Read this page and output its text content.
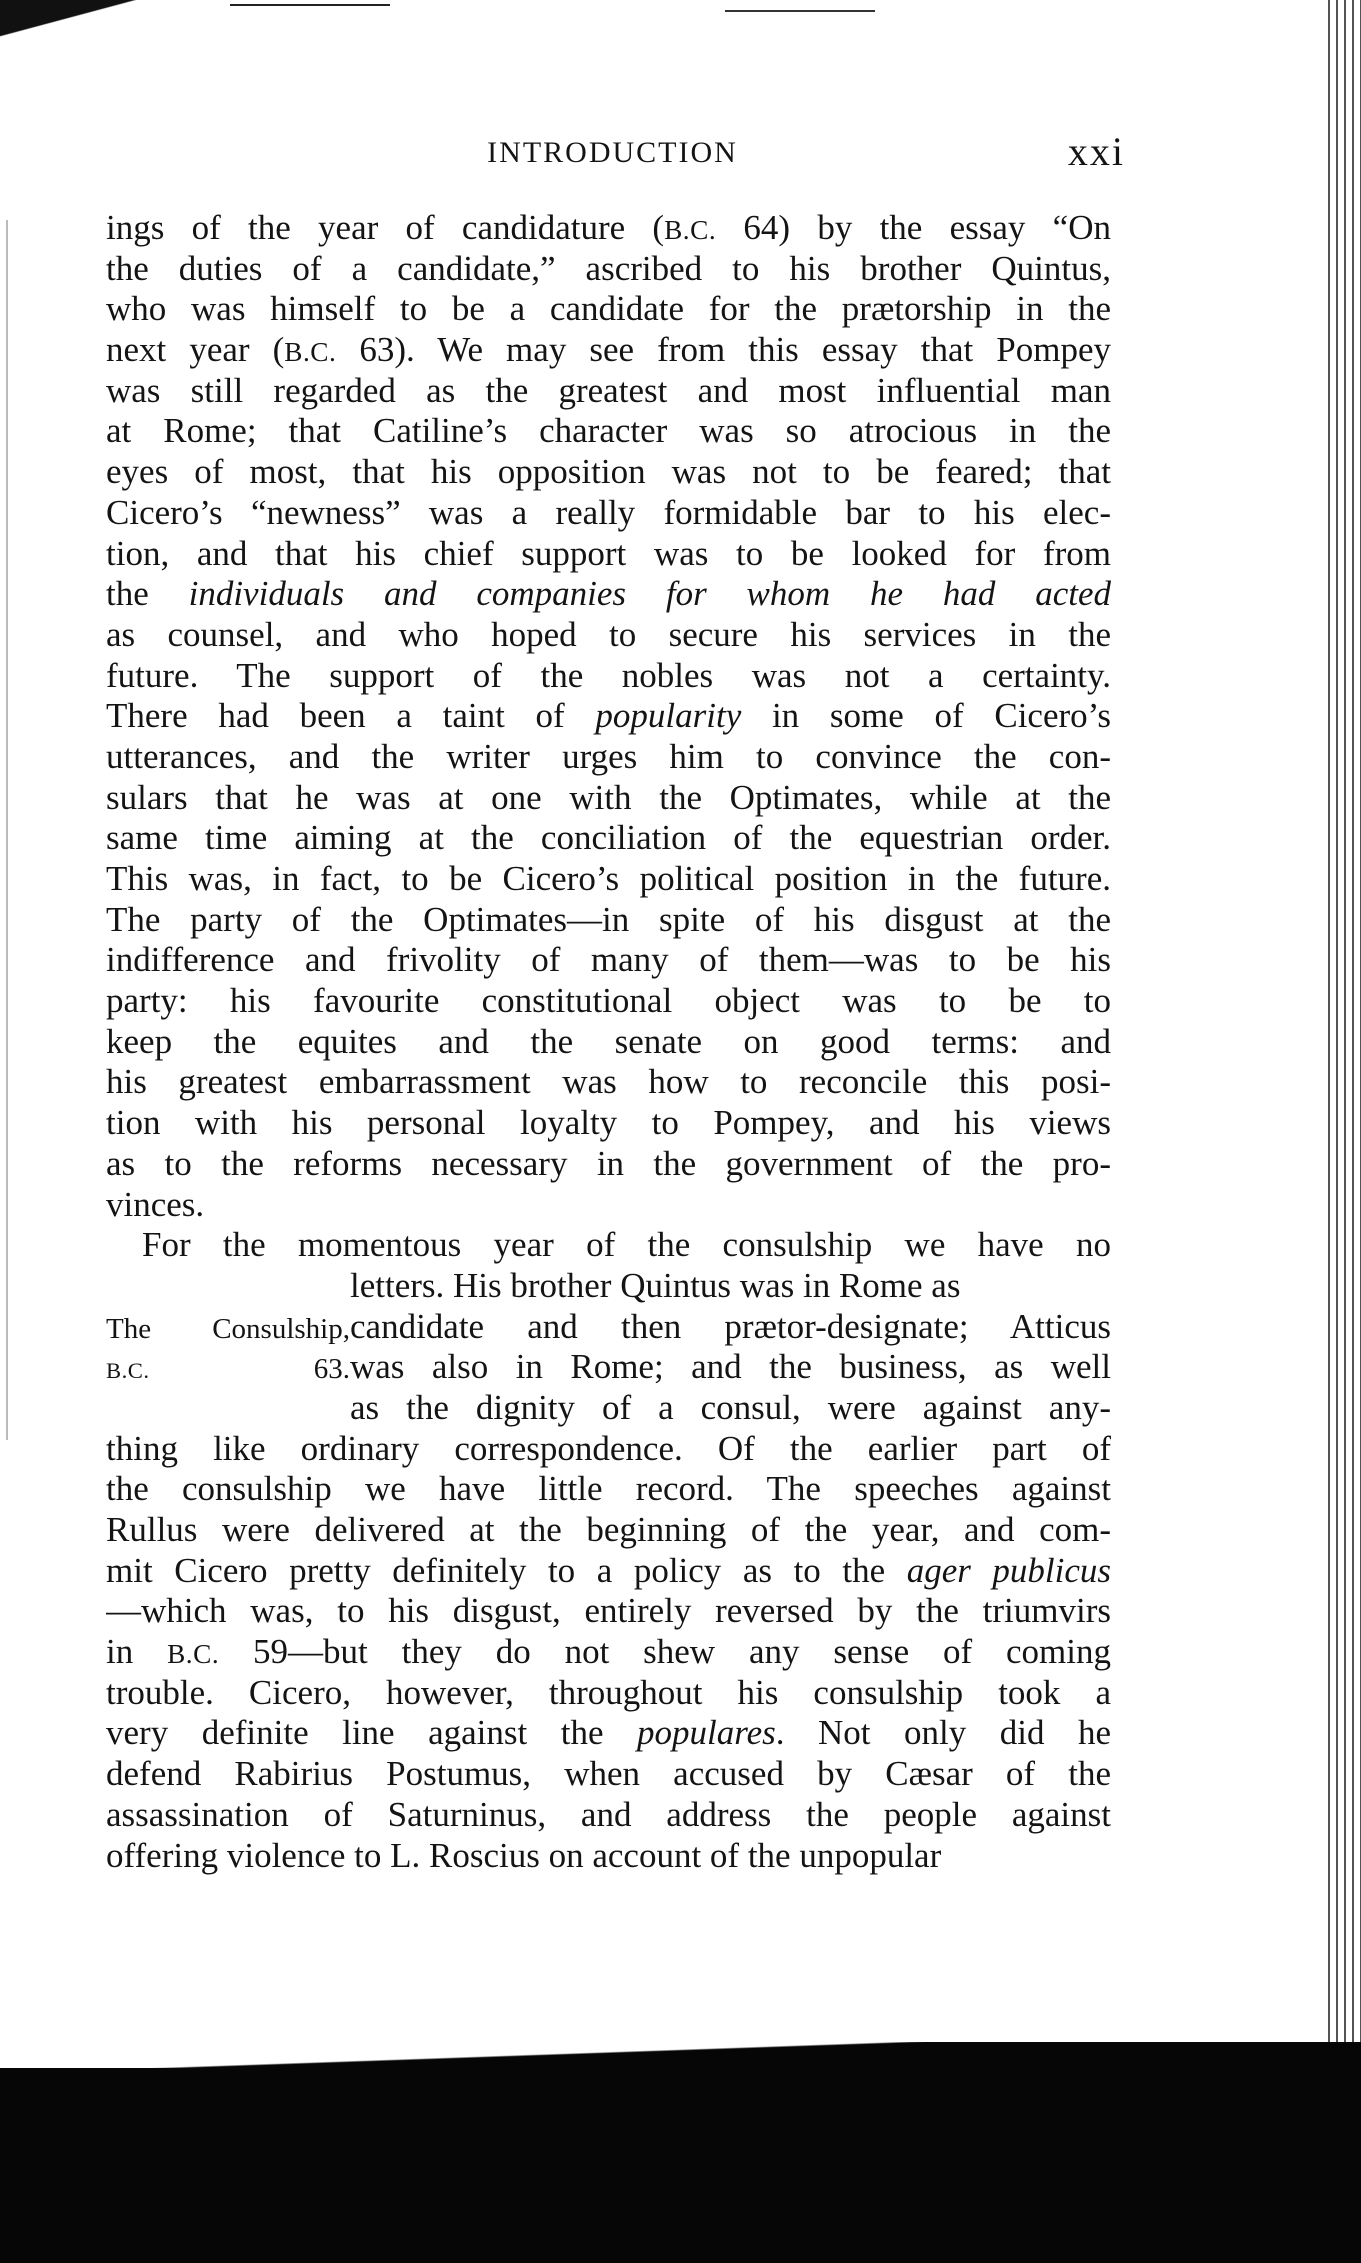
INTRODUCTION	xxi
ings of the year of candidature (B.C. 64) by the essay “On
the duties of a candidate,” ascribed to his brother Quintus,
who was himself to be a candidate for the prætorship in the
next year (B.C. 63). We may see from this essay that Pompey
was still regarded as the greatest and most influential man
at Rome; that Catiline’s character was so atrocious in the
eyes of most, that his opposition was not to be feared; that
Cicero’s “newness” was a really formidable bar to his elec-
tion, and that his chief support was to be looked for from
the individuals and companies for whom he had acted
as counsel, and who hoped to secure his services in the
future. The support of the nobles was not a certainty.
There had been a taint of popularity in some of Cicero’s
utterances, and the writer urges him to convince the con-
sulars that he was at one with the Optimates, while at the
same time aiming at the conciliation of the equestrian order.
This was, in fact, to be Cicero’s political position in the future.
The party of the Optimates—in spite of his disgust at the
indifference and frivolity of many of them—was to be his
party: his favourite constitutional object was to be to
keep the equites and the senate on good terms: and
his greatest embarrassment was how to reconcile this posi-
tion with his personal loyalty to Pompey, and his views
as to the reforms necessary in the government of the pro-
vinces.
For the momentous year of the consulship we have no
letters. His brother Quintus was in Rome as
The Consulship, candidate and then prætor-designate; Atticus
B.C. 63. was also in Rome; and the business, as well
as the dignity of a consul, were against any-
thing like ordinary correspondence. Of the earlier part of
the consulship we have little record. The speeches against
Rullus were delivered at the beginning of the year, and com-
mit Cicero pretty definitely to a policy as to the ager publicus
—which was, to his disgust, entirely reversed by the triumvirs
in B.C. 59—but they do not shew any sense of coming
trouble. Cicero, however, throughout his consulship took a
very definite line against the populares. Not only did he
defend Rabirius Postumus, when accused by Cæsar of the
assassination of Saturninus, and address the people against
offering violence to L. Roscius on account of the unpopular
